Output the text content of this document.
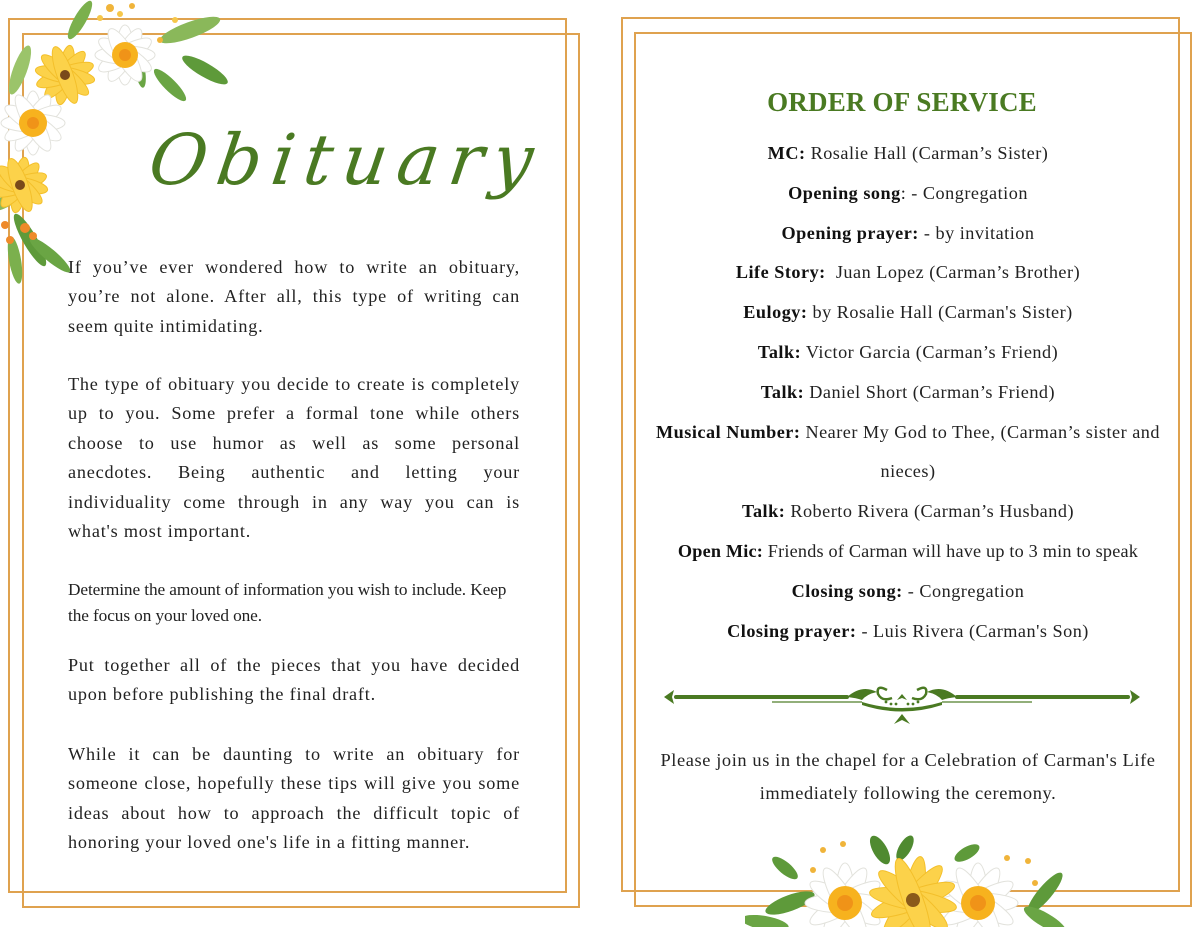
Obituary

If you’ve ever wondered how to write an obituary, you’re not alone. After all, this type of writing can seem quite intimidating.

The type of obituary you decide to create is completely up to you. Some prefer a formal tone while others choose to use humor as well as some personal anecdotes. Being authentic and letting your individuality come through in any way you can is what's most important.

Determine the amount of information you wish to include. Keep the focus on your loved one.

Put together all of the pieces that you have decided upon before publishing the final draft.

While it can be daunting to write an obituary for someone close, hopefully these tips will give you some ideas about how to approach the difficult topic of honoring your loved one's life in a fitting manner.

ORDER OF SERVICE
MC: Rosalie Hall (Carman’s Sister)
Opening song: - Congregation
Opening prayer: - by invitation
Life Story:  Juan Lopez (Carman’s Brother)
Eulogy: by Rosalie Hall (Carman's Sister)
Talk: Victor Garcia (Carman’s Friend)
Talk: Daniel Short (Carman’s Friend)
Musical Number: Nearer My God to Thee, (Carman’s sister and nieces)
Talk: Roberto Rivera (Carman’s Husband)
Open Mic: Friends of Carman will have up to 3 min to speak
Closing song: - Congregation
Closing prayer: - Luis Rivera (Carman's Son)

Please join us in the chapel for a Celebration of Carman's Life immediately following the ceremony.
